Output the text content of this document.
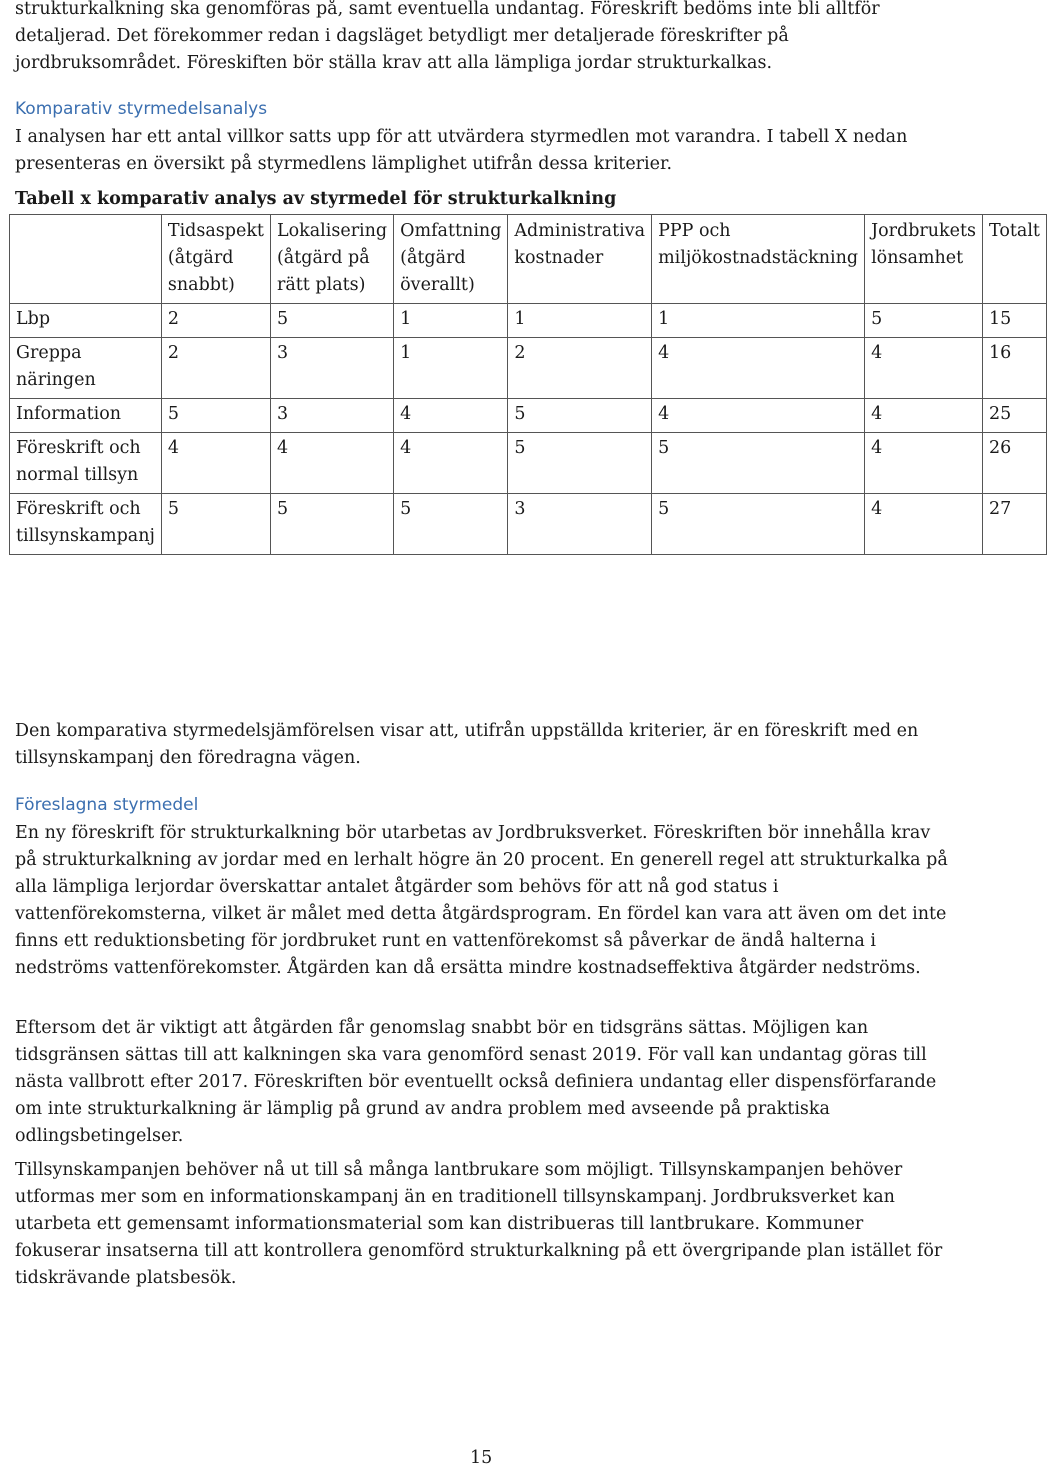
strukturkalkning ska genomföras på, samt eventuella undantag. Föreskrift bedöms inte bli alltför detaljerad. Det förekommer redan i dagsläget betydligt mer detaljerade föreskrifter på jordbruksområdet. Föreskiften bör ställa krav att alla lämpliga jordar strukturkalkas.

Komparativ styrmedelsanalys

I analysen har ett antal villkor satts upp för att utvärdera styrmedlen mot varandra. I tabell X nedan presenteras en översikt på styrmedlens lämplighet utifrån dessa kriterier.

Tabell x komparativ analys av styrmedel för strukturkalkning

	Tidsaspekt (åtgärd snabbt)	Lokalisering (åtgärd på rätt plats)	Omfattning (åtgärd överallt)	Administrativa kostnader	PPP och miljökostnadstäckning	Jordbrukets lönsamhet	Totalt
Lbp	2	5	1	1	1	5	15
Greppa näringen	2	3	1	2	4	4	16
Information	5	3	4	5	4	4	25
Föreskrift och normal tillsyn	4	4	4	5	5	4	26
Föreskrift och tillsynskampanj	5	5	5	3	5	4	27

Den komparativa styrmedelsjämförelsen visar att, utifrån uppställda kriterier, är en föreskrift med en tillsynskampanj den föredragna vägen.

Föreslagna styrmedel

En ny föreskrift för strukturkalkning bör utarbetas av Jordbruksverket. Föreskriften bör innehålla krav på strukturkalkning av jordar med en lerhalt högre än 20 procent. En generell regel att strukturkalka på alla lämpliga lerjordar överskattar antalet åtgärder som behövs för att nå god status i vattenförekomsterna, vilket är målet med detta åtgärdsprogram. En fördel kan vara att även om det inte finns ett reduktionsbeting för jordbruket runt en vattenförekomst så påverkar de ändå halterna i nedströms vattenförekomster. Åtgärden kan då ersätta mindre kostnadseffektiva åtgärder nedströms.

Eftersom det är viktigt att åtgärden får genomslag snabbt bör en tidsgräns sättas. Möjligen kan tidsgränsen sättas till att kalkningen ska vara genomförd senast 2019. För vall kan undantag göras till nästa vallbrott efter 2017. Föreskriften bör eventuellt också definiera undantag eller dispensförfarande om inte strukturkalkning är lämplig på grund av andra problem med avseende på praktiska odlingsbetingelser.

Tillsynskampanjen behöver nå ut till så många lantbrukare som möjligt. Tillsynskampanjen behöver utformas mer som en informationskampanj än en traditionell tillsynskampanj. Jordbruksverket kan utarbeta ett gemensamt informationsmaterial som kan distribueras till lantbrukare. Kommuner fokuserar insatserna till att kontrollera genomförd strukturkalkning på ett övergripande plan istället för tidskrävande platsbesök.

15
